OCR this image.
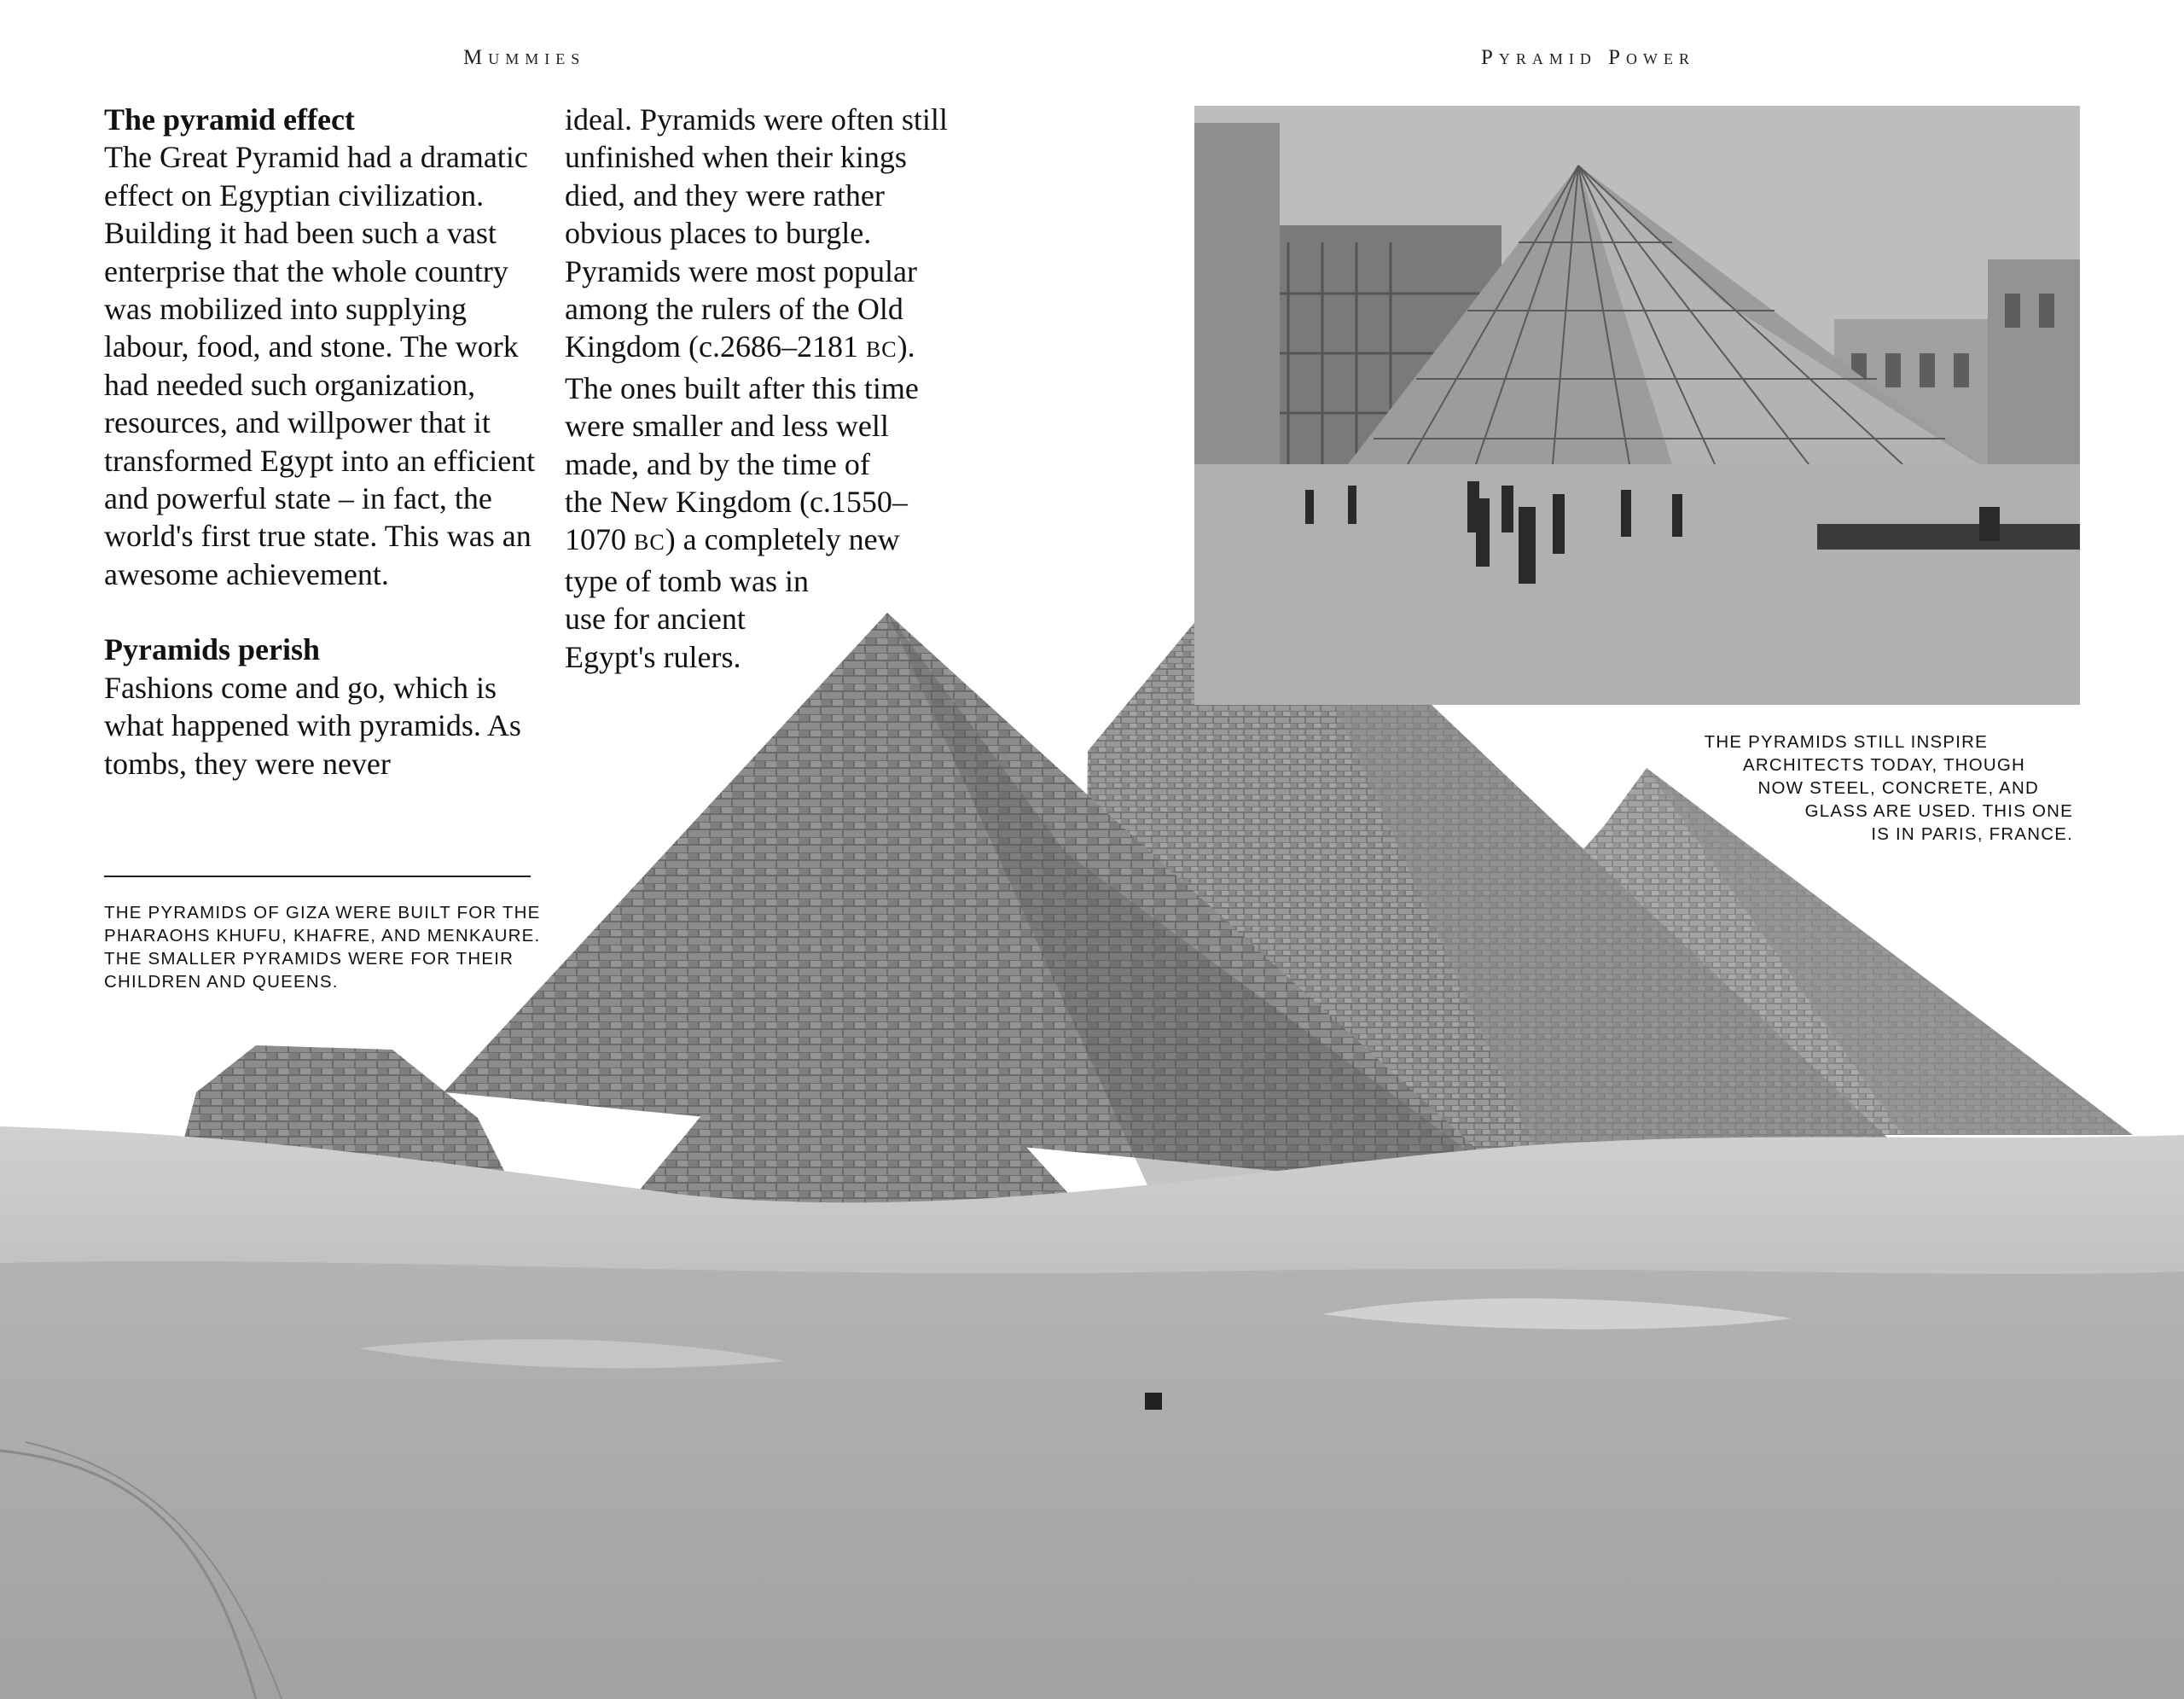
Mummies	Pyramid Power
The pyramid effect

The Great Pyramid had a dramatic effect on Egyptian civilization. Building it had been such a vast enterprise that the whole country was mobilized into supplying labour, food, and stone. The work had needed such organization, resources, and willpower that it transformed Egypt into an efficient and powerful state – in fact, the world's first true state. This was an awesome achievement.

Pyramids perish

Fashions come and go, which is what happened with pyramids. As tombs, they were never

ideal. Pyramids were often still
unfinished when their kings
died, and they were rather
obvious places to burgle.
Pyramids were most popular
among the rulers of the Old
Kingdom (c.2686–2181 BC).
The ones built after this time
were smaller and less well
made, and by the time of
the New Kingdom (c.1550–
1070 BC) a completely new
type of tomb was in
use for ancient
Egypt's rulers.
THE PYRAMIDS OF GIZA WERE BUILT FOR THE PHARAOHS KHUFU, KHAFRE, AND MENKAURE. THE SMALLER PYRAMIDS WERE FOR THEIR CHILDREN AND QUEENS.
THE PYRAMIDS STILL INSPIRE
ARCHITECTS TODAY, THOUGH
NOW STEEL, CONCRETE, AND
GLASS ARE USED. THIS ONE
IS IN PARIS, FRANCE.
